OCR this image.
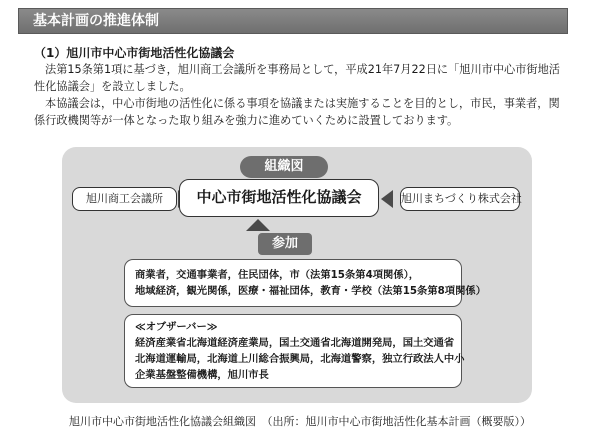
基本計画の推進体制
（1）旭川市中心市街地活性化協議会

法第15条第1項に基づき，旭川商工会議所を事務局として，平成21年7月22日に「旭川市中心市街地活性化協議会」を設立しました。

本協議会は，中心市街地の活性化に係る事項を協議または実施することを目的とし，市民，事業者，関係行政機関等が一体となった取り組みを強力に進めていくために設置しております。

組織図
旭川商工会議所	中心市街地活性化協議会	旭川まちづくり株式会社
参加
商業者，交通事業者，住民団体，市（法第15条第4項関係），
地域経済，観光関係，医療・福祉団体，教育・学校（法第15条第8項関係）
≪オブザーバー≫
経済産業省北海道経済産業局，国土交通省北海道開発局，国土交通省
北海道運輸局，北海道上川総合振興局，北海道警察，独立行政法人中小
企業基盤整備機構，旭川市長
旭川市中心市街地活性化協議会組織図　（出所：旭川市中心市街地活性化基本計画（概要版））
